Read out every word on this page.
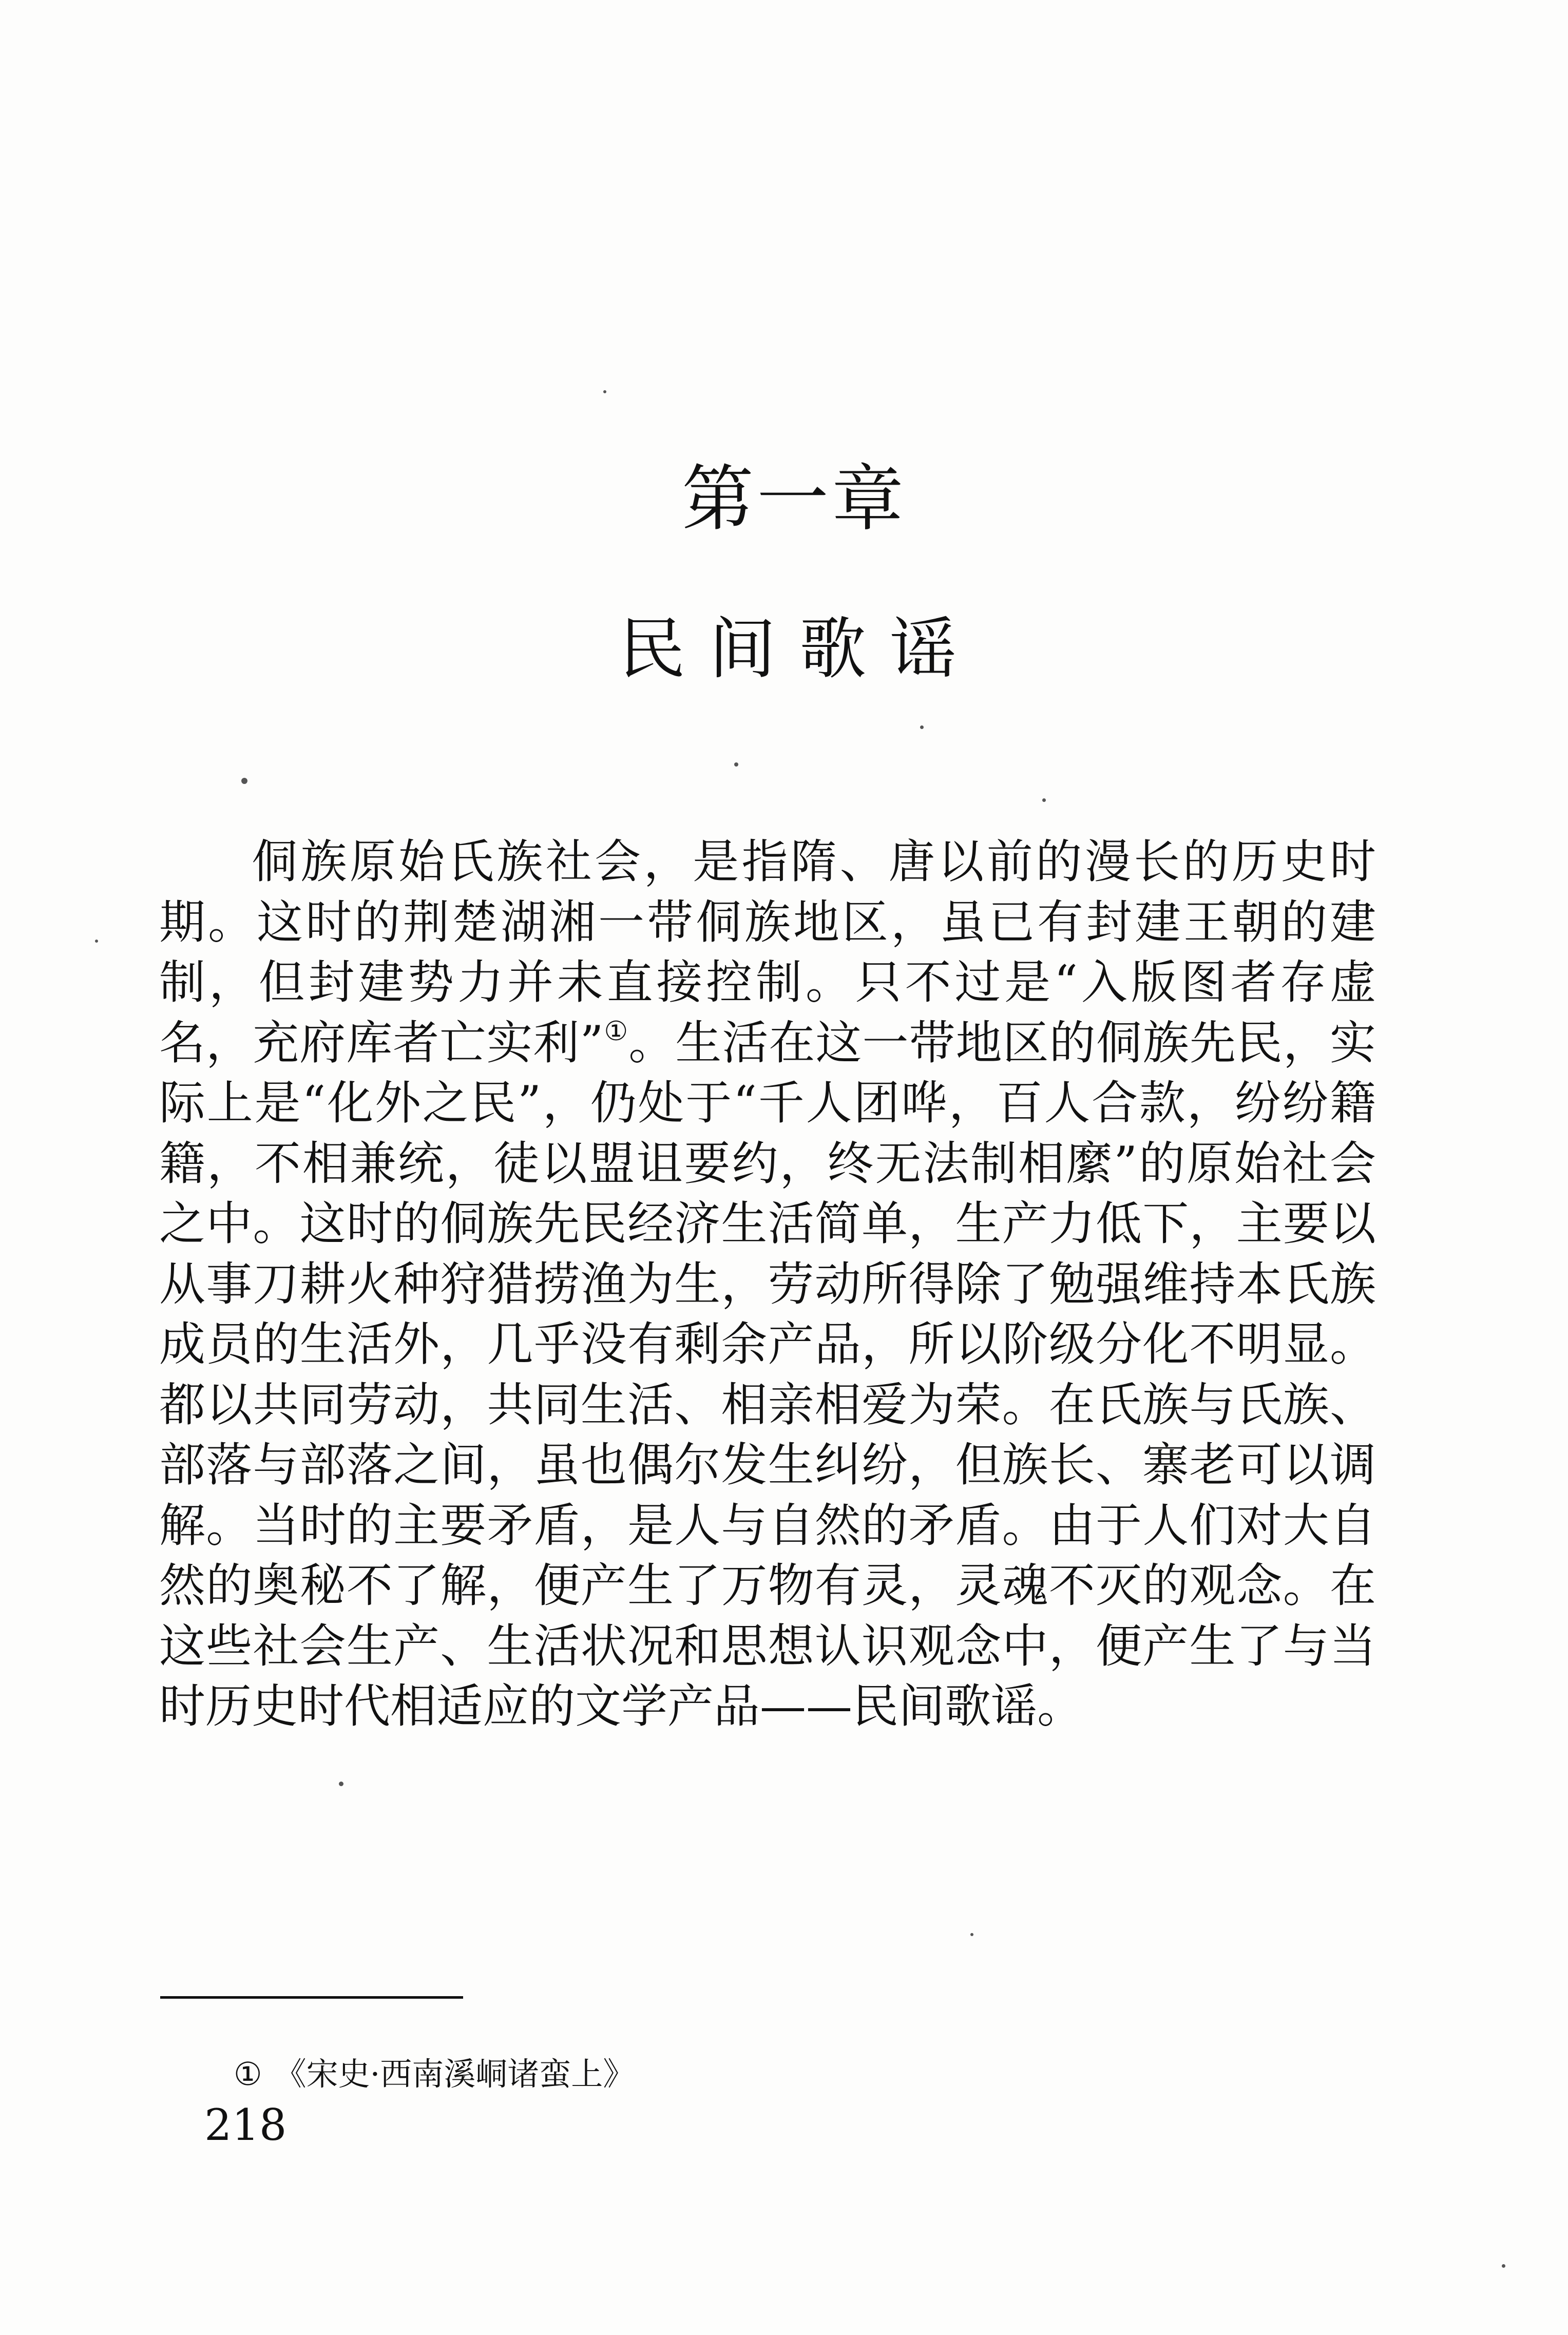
第一章
民间歌谣

侗族原始氏族社会，是指隋、唐以前的漫长的历史时期。这时的荆楚湖湘一带侗族地区，虽已有封建王朝的建制，但封建势力并未直接控制。只不过是“入版图者存虚名，充府库者亡实利”①。生活在这一带地区的侗族先民，实际上是“化外之民”，仍处于“千人团哗，百人合款，纷纷籍籍，不相兼统，徒以盟诅要约，终无法制相縻”的原始社会之中。这时的侗族先民经济生活简单，生产力低下，主要以从事刀耕火种狩猎捞渔为生，劳动所得除了勉强维持本氏族成员的生活外，几乎没有剩余产品，所以阶级分化不明显。都以共同劳动，共同生活、相亲相爱为荣。在氏族与氏族、部落与部落之间，虽也偶尔发生纠纷，但族长、寨老可以调解。当时的主要矛盾，是人与自然的矛盾。由于人们对大自然的奥秘不了解，便产生了万物有灵，灵魂不灭的观念。在这些社会生产、生活状况和思想认识观念中，便产生了与当时历史时代相适应的文学产品——民间歌谣。

① 《宋史·西南溪峒诸蛮上》
218
